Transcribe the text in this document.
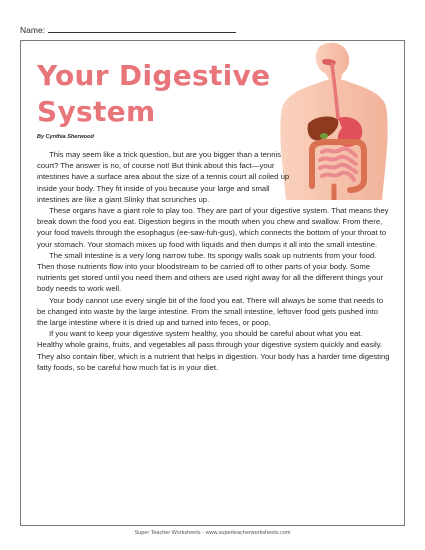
Name:
Your Digestive
System
By Cynthia Sherwood

This may seem like a trick question, but are you bigger than a tennis court? The answer is no, of course not! But think about this fact—your intestines have a surface area about the size of a tennis court all coiled up inside your body. They fit inside of you because your large and small intestines are like a giant Slinky that scrunches up.

These organs have a giant role to play too. They are part of your digestive system. That means they break down the food you eat. Digestion begins in the mouth when you chew and swallow. From there, your food travels through the esophagus (ee-saw-fuh-gus), which connects the bottom of your throat to your stomach. Your stomach mixes up food with liquids and then dumps it all into the small intestine.

The small intestine is a very long narrow tube. Its spongy walls soak up nutrients from your food. Then those nutrients flow into your bloodstream to be carried off to other parts of your body. Some nutrients get stored until you need them and others are used right away for all the different things your body needs to work well.

Your body cannot use every single bit of the food you eat. There will always be some that needs to be changed into waste by the large intestine. From the small intestine, leftover food gets pushed into the large intestine where it is dried up and turned into feces, or poop.

If you want to keep your digestive system healthy, you should be careful about what you eat. Healthy whole grains, fruits, and vegetables all pass through your digestive system quickly and easily. They also contain fiber, which is a nutrient that helps in digestion. Your body has a harder time digesting fatty foods, so be careful how much fat is in your diet.

Super Teacher Worksheets - www.superteacherworksheets.com
